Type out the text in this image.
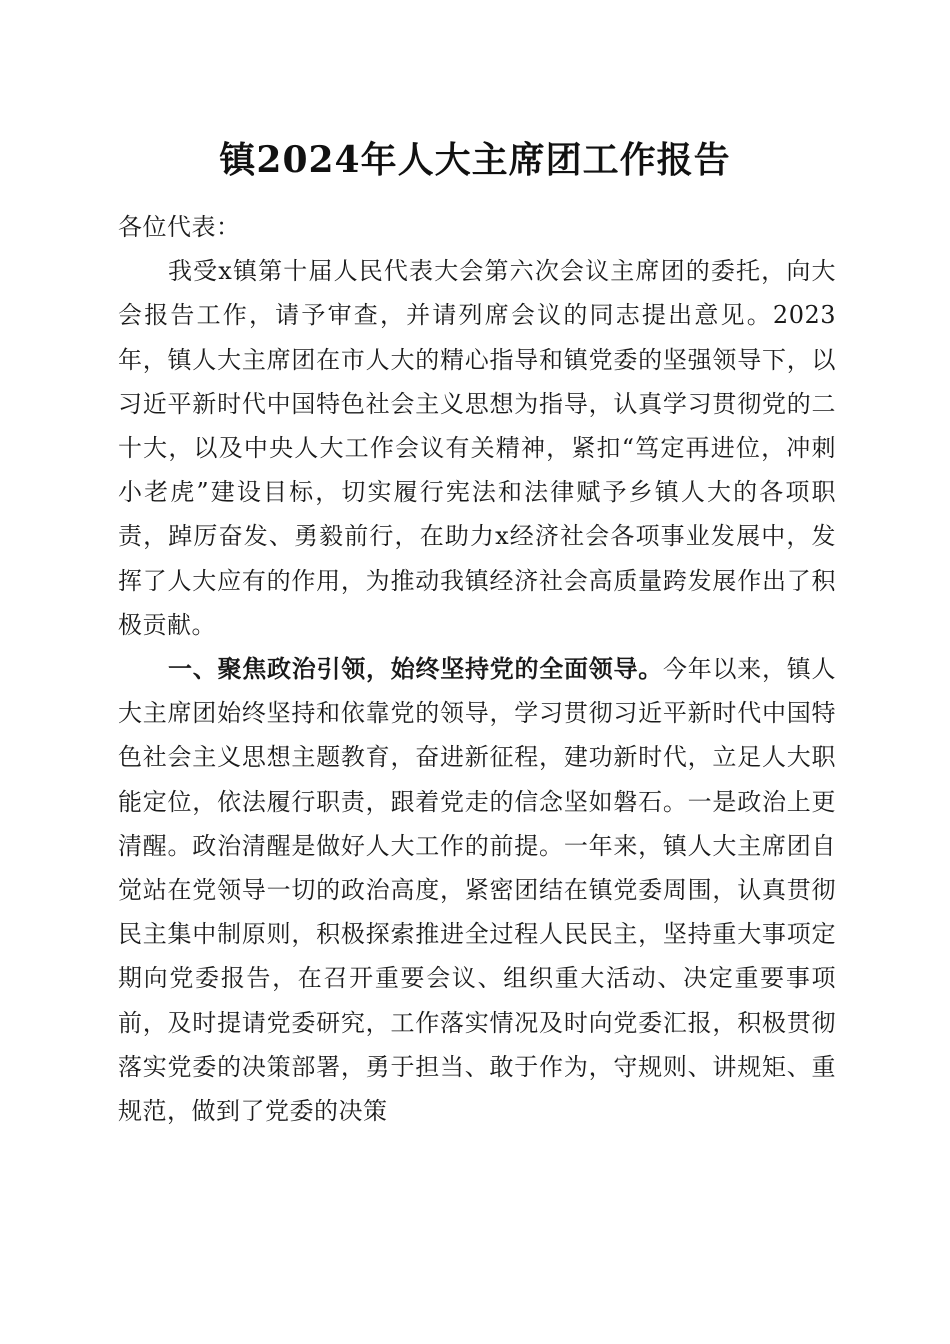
镇2024年人大主席团工作报告

各位代表：

我受x镇第十届人民代表大会第六次会议主席团的委托，向大会报告工作，请予审查，并请列席会议的同志提出意见。2023年，镇人大主席团在市人大的精心指导和镇党委的坚强领导下，以习近平新时代中国特色社会主义思想为指导，认真学习贯彻党的二十大，以及中央人大工作会议有关精神，紧扣“笃定再进位，冲刺小老虎”建设目标，切实履行宪法和法律赋予乡镇人大的各项职责，踔厉奋发、勇毅前行，在助力x经济社会各项事业发展中，发挥了人大应有的作用，为推动我镇经济社会高质量跨发展作出了积极贡献。

一、聚焦政治引领，始终坚持党的全面领导。今年以来，镇人大主席团始终坚持和依靠党的领导，学习贯彻习近平新时代中国特色社会主义思想主题教育，奋进新征程，建功新时代，立足人大职能定位，依法履行职责，跟着党走的信念坚如磐石。一是政治上更清醒。政治清醒是做好人大工作的前提。一年来，镇人大主席团自觉站在党领导一切的政治高度，紧密团结在镇党委周围，认真贯彻民主集中制原则，积极探索推进全过程人民民主，坚持重大事项定期向党委报告，在召开重要会议、组织重大活动、决定重要事项前，及时提请党委研究，工作落实情况及时向党委汇报，积极贯彻落实党委的决策部署，勇于担当、敢于作为，守规则、讲规矩、重规范，做到了党委的决策
